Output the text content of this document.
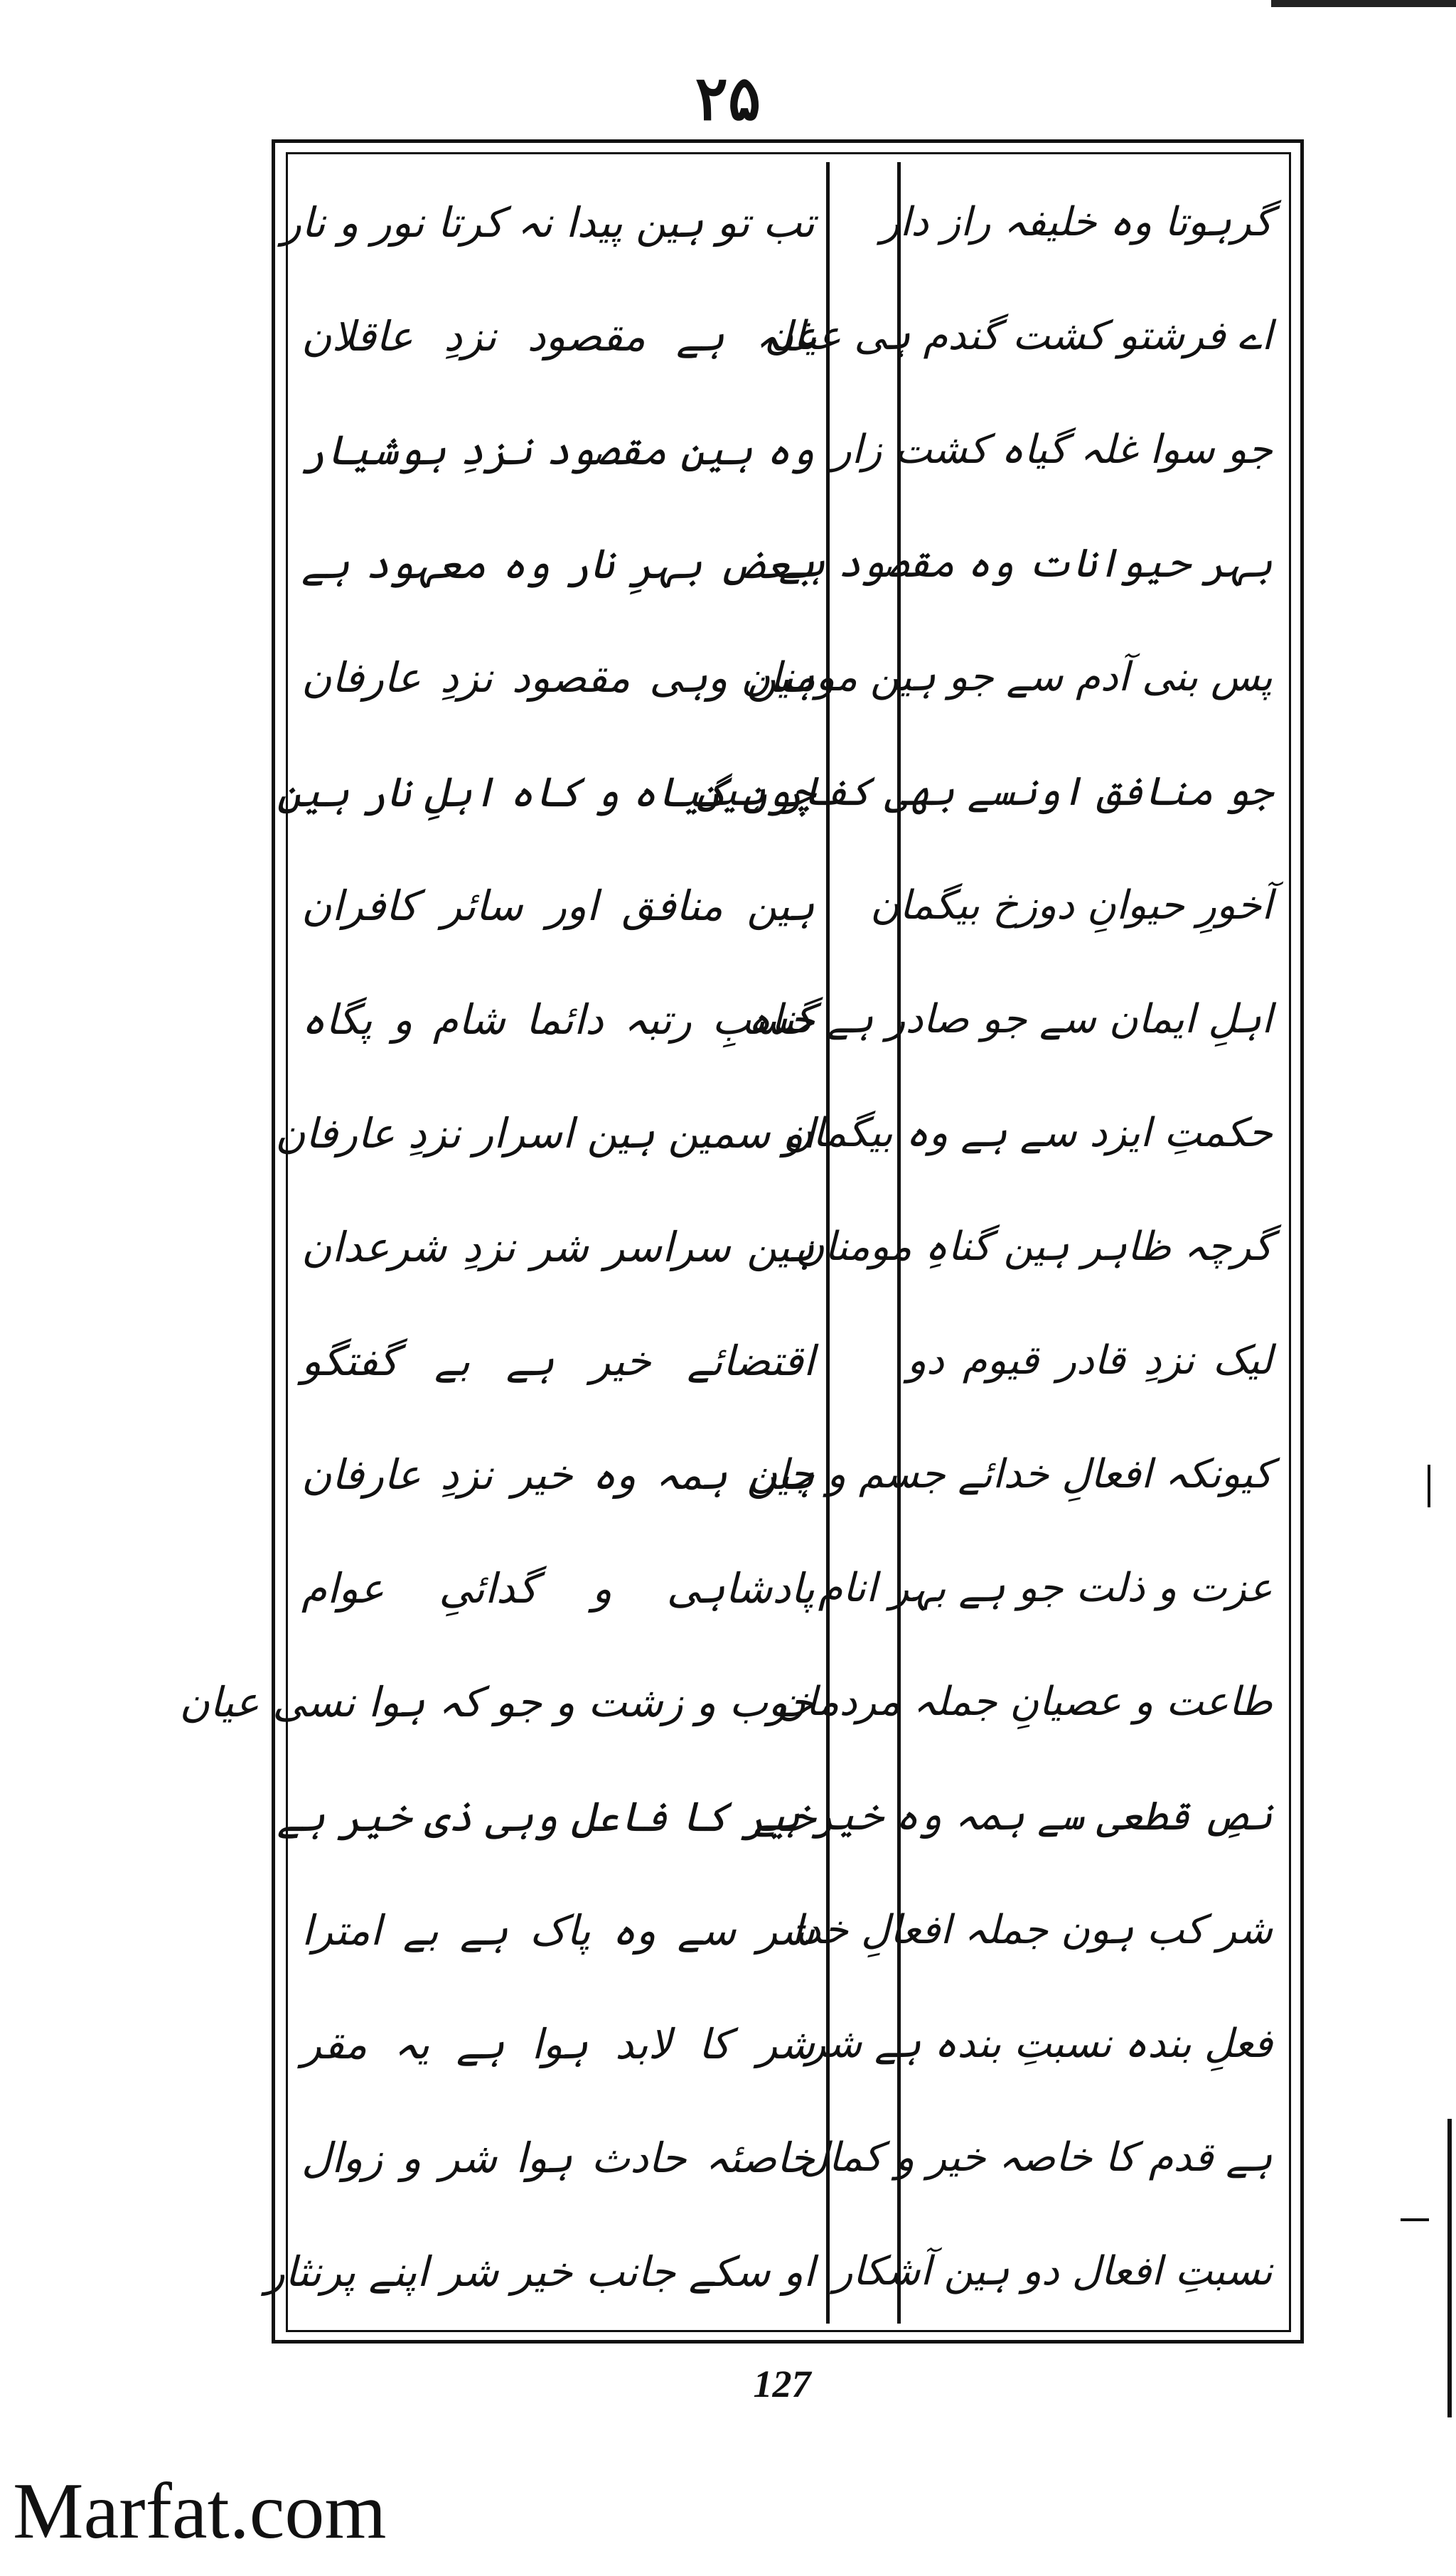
۲۵
گرہوتا وہ خلیفہ راز دار
اے فرشتو کشت گندم ہی عیان
جو سوا غلہ گیاہ کشت زار
بہر حیوانات وہ مقصود ہے
پس بنی آدم سے جو ہین مومنان
جو منافق اونسے بھی کفار ہین
آخورِ حیوانِ دوزخ بیگمان
اہلِ ایمان سے جو صادر ہے گناہ
حکمتِ ایزد سے ہے وہ بیگمان
گرچہ ظاہر ہین گناہِ مومنان
لیک نزدِ قادر قیوم دو
کیونکہ افعالِ خدائے جسم و جان
عزت و ذلت جو ہے بہر انام
طاعت و عصیانِ جملہ مردمان
نصِ قطعی سے ہمہ وہ خیر ہے
شر کب ہون جملہ افعالِ خدا
فعلِ بندہ نسبتِ بندہ ہے شر
ہے قدم کا خاصہ خیر و کمال
نسبتِ افعال دو ہین آشکار
تب تو ہین پیدا نہ کرتا نور و نار
غلہ ہے مقصود نزدِ عاقلان
وہ ہین مقصود نزدِ ہوشیار
بعض بہرِ نار وہ معہود ہے
ہین وہی مقصود نزدِ عارفان
چون گیاہ و کاہ اہلِ نار ہین
ہین منافق اور سائر کافران
حسبِ رتبہ دائما شام و پگاہ
او سمین ہین اسرار نزدِ عارفان
ہین سراسر شر نزدِ شرعدان
اقتضائے خیر ہے بے گفتگو
ہین ہمہ وہ خیر نزدِ عارفان
پادشاہی و گدائیِ عوام
خوب و زشت و جو کہ ہوا نسی عیان
خیر کا فاعل وہی ذی خیر ہے
شر سے وہ پاک ہے بے امترا
شر کا لابد ہوا ہے یہ مقر
خاصئہ حادث ہوا شر و زوال
او سکے جانب خیر شر اپنے پرنثار
127
Marfat.com
